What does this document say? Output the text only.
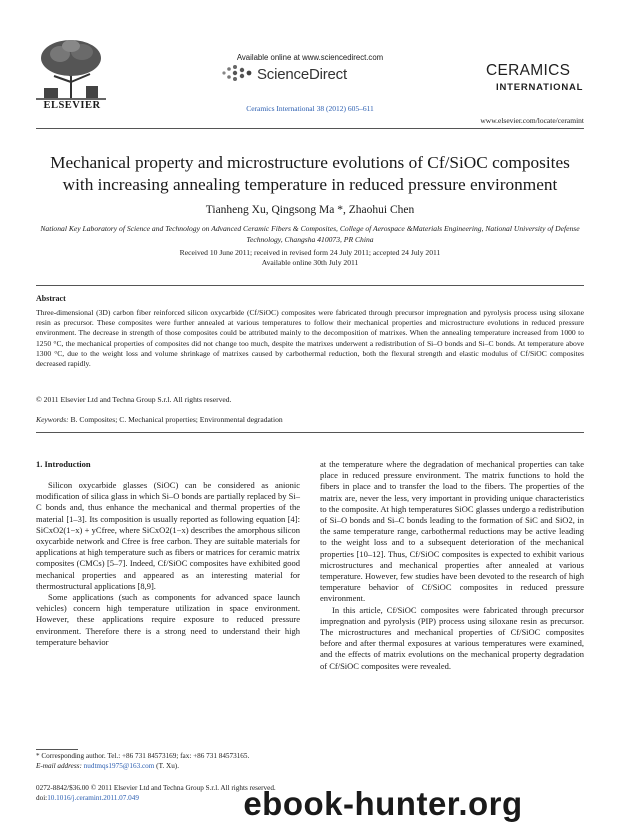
ELSEVIER
Available online at www.sciencedirect.com
ScienceDirect
Ceramics International 38 (2012) 605–611
CERAMICS
INTERNATIONAL
www.elsevier.com/locate/ceramint
Mechanical property and microstructure evolutions of Cf/SiOC composites
with increasing annealing temperature in reduced pressure environment
Tianheng Xu, Qingsong Ma *, Zhaohui Chen
National Key Laboratory of Science and Technology on Advanced Ceramic Fibers & Composites, College of Aerospace &Materials Engineering, National University of Defense Technology, Changsha 410073, PR China
Received 10 June 2011; received in revised form 24 July 2011; accepted 24 July 2011
Available online 30th July 2011
Abstract
Three-dimensional (3D) carbon fiber reinforced silicon oxycarbide (Cf/SiOC) composites were fabricated through precursor impregnation and pyrolysis process using siloxane resin as precursor. These composites were further annealed at various temperatures to follow their mechanical properties and microstructure evolutions in reduced pressure environment. The decrease in strength of those composites could be attributed mainly to the decomposition of matrixes. When the annealing temperature increased from 1000 to 1250 °C, the mechanical properties of composites did not change too much, despite the matrixes underwent a redistribution of Si–O bonds and Si–C bonds. At temperature above 1300 °C, due to the weight loss and volume shrinkage of matrixes caused by carbothermal reduction, both the flexural strength and elastic modulus of Cf/SiOC composites decreased rapidly.
© 2011 Elsevier Ltd and Techna Group S.r.l. All rights reserved.
Keywords: B. Composites; C. Mechanical properties; Environmental degradation
1. Introduction

Silicon oxycarbide glasses (SiOC) can be considered as anionic modification of silica glass in which Si–O bonds are partially replaced by Si–C bonds and, thus enhance the mechanical and thermal properties of the material [1–3]. Its composition is usually reported as following equation [4]: SiCxO2(1−x) + yCfree, where SiCxO2(1−x) describes the amorphous silicon oxycarbide network and Cfree is free carbon. They are suitable materials for applications at high temperature such as fibers or matrices for ceramic matrix composites (CMCs) [5–7]. Indeed, Cf/SiOC composites have exhibited good mechanical properties and appeared as an interesting material for thermostructural applications [8,9].

Some applications (such as components for advanced space launch vehicles) concern high temperature utilization in space environment. However, these applications require exposure to reduced pressure environment. Therefore there is a strong need to understand their high temperature behavior

at the temperature where the degradation of mechanical properties can take place in reduced pressure environment. The matrix functions to hold the fibers in place and to transfer the load to the fibers. The properties of the matrix are, never the less, very important in providing unique characteristics to the composite. At high temperatures SiOC glasses undergo a redistribution of Si–O bonds and Si–C bonds leading to the formation of SiC and SiO2, in the same temperature range, carbothermal reductions may be active leading to the weight loss and to a subsequent deterioration of the mechanical properties [10–12]. Thus, Cf/SiOC composites is expected to exhibit various microstructures and mechanical properties after annealed at various temperature. However, few studies have been devoted to the research of high temperature behavior of Cf/SiOC composites in reduced pressure environment.

In this article, Cf/SiOC composites were fabricated through precursor impregnation and pyrolysis (PIP) process using siloxane resin as precursor. The microstructures and mechanical properties of Cf/SiOC composites before and after thermal exposures at various temperatures were examined, and the effects of matrix evolutions on the mechanical property degradation of Cf/SiOC composites were revealed.

* Corresponding author. Tel.: +86 731 84573169; fax: +86 731 84573165.
E-mail address: nudtmqs1975@163.com (T. Xu).
0272-8842/$36.00 © 2011 Elsevier Ltd and Techna Group S.r.l. All rights reserved.
doi:10.1016/j.ceramint.2011.07.049	ebook-hunter.org
